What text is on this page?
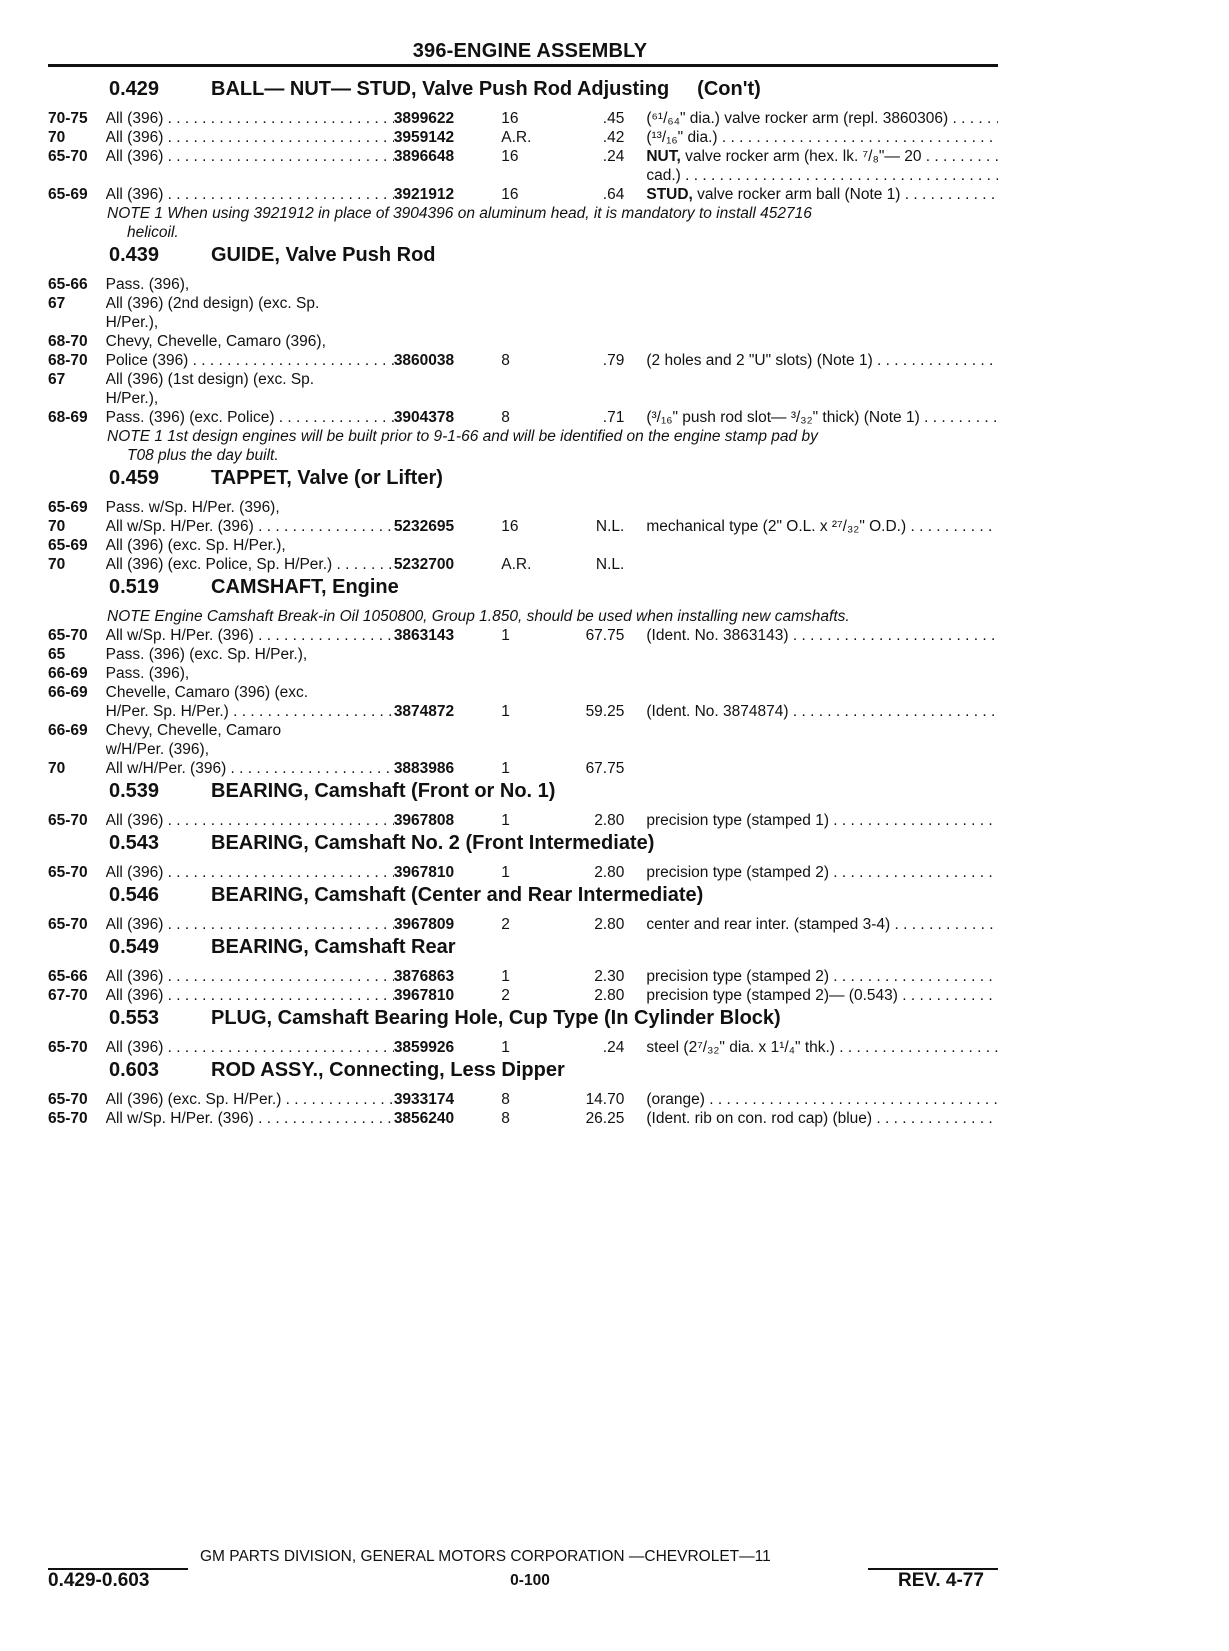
396-ENGINE ASSEMBLY
0.429	BALL— NUT— STUD, Valve Push Rod Adjusting (Con't)
70-75	All (396) . . .	3899622	16	.45 (⁶¹/₆₄" dia.) valve rocker arm (repl. 3860306) . . .
70	All (396) . . .	3959142	A.R.	.42 (¹³/₁₆" dia.) . . .
65-70	All (396) . . .	3896648	16	.24 NUT, valve rocker arm (hex. lk. ⁷/₈"— 20 . . .
cad.) . . .
65-69	All (396) . . .	3921912	16	.64 STUD, valve rocker arm ball (Note 1) . . .
NOTE 1 When using 3921912 in place of 3904396 on aluminum head, it is mandatory to install 452716
helicoil.
0.439	GUIDE, Valve Push Rod
65-66	Pass. (396),
67	All (396) (2nd design) (exc. Sp.
H/Per.),
68-70	Chevy, Chevelle, Camaro (396),
68-70	Police (396) . . .	3860038	8	.79 (2 holes and 2 "U" slots) (Note 1) . . .
67	All (396) (1st design) (exc. Sp.
H/Per.),
68-69	Pass. (396) (exc. Police) . . .	3904378	8	.71 (³/₁₆" push rod slot— ³/₃₂" thick) (Note 1) . . .
NOTE 1 1st design engines will be built prior to 9-1-66 and will be identified on the engine stamp pad by
T08 plus the day built.
0.459	TAPPET, Valve (or Lifter)
65-69	Pass. w/Sp. H/Per. (396),
70	All w/Sp. H/Per. (396) . . .	5232695	16	N.L. mechanical type (2" O.L. x ²⁷/₃₂" O.D.) . . .
65-69	All (396) (exc. Sp. H/Per.),
70	All (396) (exc. Police, Sp. H/Per.) . . .	5232700	A.R.	N.L.
0.519	CAMSHAFT, Engine
NOTE Engine Camshaft Break-in Oil 1050800, Group 1.850, should be used when installing new camshafts.
65-70	All w/Sp. H/Per. (396) . . .	3863143	1	67.75 (Ident. No. 3863143) . . .
65	Pass. (396) (exc. Sp. H/Per.),
66-69	Pass. (396),
66-69	Chevelle, Camaro (396) (exc.
H/Per. Sp. H/Per.) . . .	3874872	1	59.25 (Ident. No. 3874874) . . .
66-69	Chevy, Chevelle, Camaro
w/H/Per. (396),
70	All w/H/Per. (396) . . .	3883986	1	67.75
0.539	BEARING, Camshaft (Front or No. 1)
65-70	All (396) . . .	3967808	1	2.80 precision type (stamped 1) . . .
0.543	BEARING, Camshaft No. 2 (Front Intermediate)
65-70	All (396) . . .	3967810	1	2.80 precision type (stamped 2) . . .
0.546	BEARING, Camshaft (Center and Rear Intermediate)
65-70	All (396) . . .	3967809	2	2.80 center and rear inter. (stamped 3-4) . . .
0.549	BEARING, Camshaft Rear
65-66	All (396) . . .	3876863	1	2.30 precision type (stamped 2) . . .
67-70	All (396) . . .	3967810	2	2.80 precision type (stamped 2)— (0.543) . . .
0.553	PLUG, Camshaft Bearing Hole, Cup Type (In Cylinder Block)
65-70	All (396) . . .	3859926	1	.24 steel (2⁷/₃₂" dia. x 1¹/₄" thk.) . . .
0.603	ROD ASSY., Connecting, Less Dipper
65-70	All (396) (exc. Sp. H/Per.) . . .	3933174	8	14.70 (orange) . . .
65-70	All w/Sp. H/Per. (396) . . .	3856240	8	26.25 (Ident. rib on con. rod cap) (blue) . . .
GM PARTS DIVISION, GENERAL MOTORS CORPORATION —CHEVROLET—11
0.429-0.603	0-100	REV. 4-77
